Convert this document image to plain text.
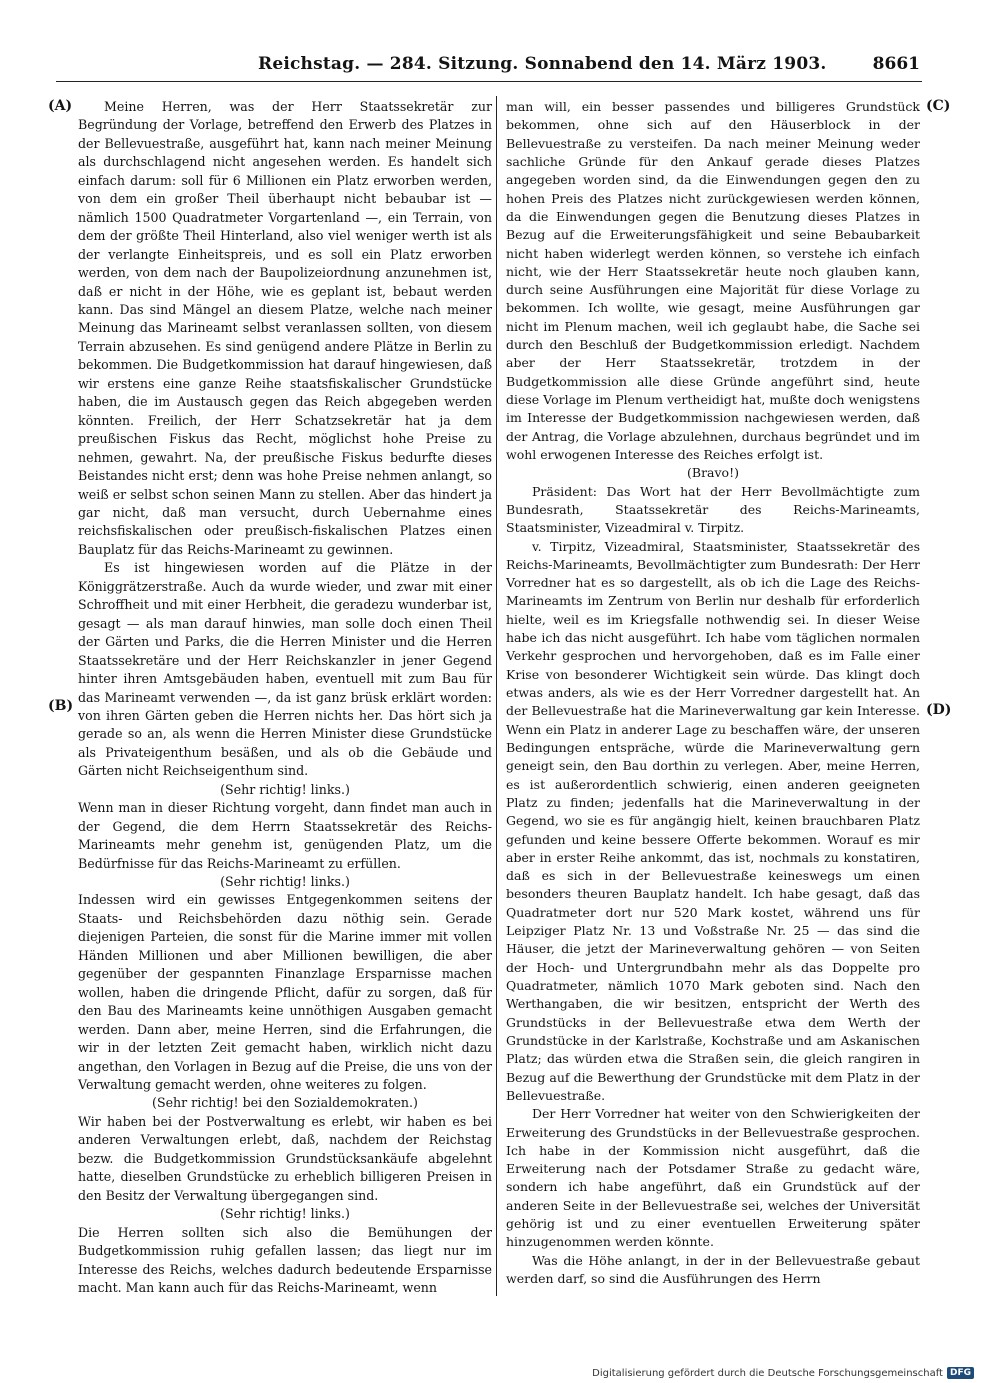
Reichstag. — 284. Sitzung. Sonnabend den 14. März 1903.	8661
(A)
(B)
(C)
(D)

Meine Herren, was der Herr Staatssekretär zur Begründung der Vorlage, betreffend den Erwerb des Platzes in der Bellevuestraße, ausgeführt hat, kann nach meiner Meinung als durchschlagend nicht angesehen werden. Es handelt sich einfach darum: soll für 6 Millionen ein Platz erworben werden, von dem ein großer Theil überhaupt nicht bebaubar ist — nämlich 1500 Quadratmeter Vorgartenland —, ein Terrain, von dem der größte Theil Hinterland, also viel weniger werth ist als der verlangte Einheitspreis, und es soll ein Platz erworben werden, von dem nach der Baupolizeiordnung anzunehmen ist, daß er nicht in der Höhe, wie es geplant ist, bebaut werden kann. Das sind Mängel an diesem Platze, welche nach meiner Meinung das Marineamt selbst veranlassen sollten, von diesem Terrain abzusehen. Es sind genügend andere Plätze in Berlin zu bekommen. Die Budgetkommission hat darauf hingewiesen, daß wir erstens eine ganze Reihe staatsfiskalischer Grundstücke haben, die im Austausch gegen das Reich abgegeben werden könnten. Freilich, der Herr Schatzsekretär hat ja dem preußischen Fiskus das Recht, möglichst hohe Preise zu nehmen, gewahrt. Na, der preußische Fiskus bedurfte dieses Beistandes nicht erst; denn was hohe Preise nehmen anlangt, so weiß er selbst schon seinen Mann zu stellen. Aber das hindert ja gar nicht, daß man versucht, durch Uebernahme eines reichsfiskalischen oder preußisch-fiskalischen Platzes einen Bauplatz für das Reichs-Marineamt zu gewinnen.

Es ist hingewiesen worden auf die Plätze in der Königgrätzerstraße. Auch da wurde wieder, und zwar mit einer Schroffheit und mit einer Herbheit, die geradezu wunderbar ist, gesagt — als man darauf hinwies, man solle doch einen Theil der Gärten und Parks, die die Herren Minister und die Herren Staatssekretäre und der Herr Reichskanzler in jener Gegend hinter ihren Amtsgebäuden haben, eventuell mit zum Bau für das Marineamt verwenden —, da ist ganz brüsk erklärt worden: von ihren Gärten geben die Herren nichts her. Das hört sich ja gerade so an, als wenn die Herren Minister diese Grundstücke als Privateigenthum besäßen, und als ob die Gebäude und Gärten nicht Reichseigenthum sind.

(Sehr richtig! links.)

Wenn man in dieser Richtung vorgeht, dann findet man auch in der Gegend, die dem Herrn Staatssekretär des Reichs-Marineamts mehr genehm ist, genügenden Platz, um die Bedürfnisse für das Reichs-Marineamt zu erfüllen.

(Sehr richtig! links.)

Indessen wird ein gewisses Entgegenkommen seitens der Staats- und Reichsbehörden dazu nöthig sein. Gerade diejenigen Parteien, die sonst für die Marine immer mit vollen Händen Millionen und aber Millionen bewilligen, die aber gegenüber der gespannten Finanzlage Ersparnisse machen wollen, haben die dringende Pflicht, dafür zu sorgen, daß für den Bau des Marineamts keine unnöthigen Ausgaben gemacht werden. Dann aber, meine Herren, sind die Erfahrungen, die wir in der letzten Zeit gemacht haben, wirklich nicht dazu angethan, den Vorlagen in Bezug auf die Preise, die uns von der Verwaltung gemacht werden, ohne weiteres zu folgen.

(Sehr richtig! bei den Sozialdemokraten.)

Wir haben bei der Postverwaltung es erlebt, wir haben es bei anderen Verwaltungen erlebt, daß, nachdem der Reichstag bezw. die Budgetkommission Grundstücksankäufe abgelehnt hatte, dieselben Grundstücke zu erheblich billigeren Preisen in den Besitz der Verwaltung übergegangen sind.

(Sehr richtig! links.)

Die Herren sollten sich also die Bemühungen der Budgetkommission ruhig gefallen lassen; das liegt nur im Interesse des Reichs, welches dadurch bedeutende Ersparnisse macht. Man kann auch für das Reichs-Marineamt, wenn

man will, ein besser passendes und billigeres Grundstück bekommen, ohne sich auf den Häuserblock in der Bellevuestraße zu versteifen. Da nach meiner Meinung weder sachliche Gründe für den Ankauf gerade dieses Platzes angegeben worden sind, da die Einwendungen gegen den zu hohen Preis des Platzes nicht zurückgewiesen werden können, da die Einwendungen gegen die Benutzung dieses Platzes in Bezug auf die Erweiterungsfähigkeit und seine Bebaubarkeit nicht haben widerlegt werden können, so verstehe ich einfach nicht, wie der Herr Staatssekretär heute noch glauben kann, durch seine Ausführungen eine Majorität für diese Vorlage zu bekommen. Ich wollte, wie gesagt, meine Ausführungen gar nicht im Plenum machen, weil ich geglaubt habe, die Sache sei durch den Beschluß der Budgetkommission erledigt. Nachdem aber der Herr Staatssekretär, trotzdem in der Budgetkommission alle diese Gründe angeführt sind, heute diese Vorlage im Plenum vertheidigt hat, mußte doch wenigstens im Interesse der Budgetkommission nachgewiesen werden, daß der Antrag, die Vorlage abzulehnen, durchaus begründet und im wohl erwogenen Interesse des Reiches erfolgt ist.

(Bravo!)

Präsident: Das Wort hat der Herr Bevollmächtigte zum Bundesrath, Staatssekretär des Reichs-Marineamts, Staatsminister, Vizeadmiral v. Tirpitz.

v. Tirpitz, Vizeadmiral, Staatsminister, Staatssekretär des Reichs-Marineamts, Bevollmächtigter zum Bundesrath: Der Herr Vorredner hat es so dargestellt, als ob ich die Lage des Reichs-Marineamts im Zentrum von Berlin nur deshalb für erforderlich hielte, weil es im Kriegsfalle nothwendig sei. In dieser Weise habe ich das nicht ausgeführt. Ich habe vom täglichen normalen Verkehr gesprochen und hervorgehoben, daß es im Falle einer Krise von besonderer Wichtigkeit sein würde. Das klingt doch etwas anders, als wie es der Herr Vorredner dargestellt hat. An der Bellevuestraße hat die Marineverwaltung gar kein Interesse. Wenn ein Platz in anderer Lage zu beschaffen wäre, der unseren Bedingungen entspräche, würde die Marineverwaltung gern geneigt sein, den Bau dorthin zu verlegen. Aber, meine Herren, es ist außerordentlich schwierig, einen anderen geeigneten Platz zu finden; jedenfalls hat die Marineverwaltung in der Gegend, wo sie es für angängig hielt, keinen brauchbaren Platz gefunden und keine bessere Offerte bekommen. Worauf es mir aber in erster Reihe ankommt, das ist, nochmals zu konstatiren, daß es sich in der Bellevuestraße keineswegs um einen besonders theuren Bauplatz handelt. Ich habe gesagt, daß das Quadratmeter dort nur 520 Mark kostet, während uns für Leipziger Platz Nr. 13 und Voßstraße Nr. 25 — das sind die Häuser, die jetzt der Marineverwaltung gehören — von Seiten der Hoch- und Untergrundbahn mehr als das Doppelte pro Quadratmeter, nämlich 1070 Mark geboten sind. Nach den Werthangaben, die wir besitzen, entspricht der Werth des Grundstücks in der Bellevuestraße etwa dem Werth der Grundstücke in der Karlstraße, Kochstraße und am Askanischen Platz; das würden etwa die Straßen sein, die gleich rangiren in Bezug auf die Bewerthung der Grundstücke mit dem Platz in der Bellevuestraße.

Der Herr Vorredner hat weiter von den Schwierigkeiten der Erweiterung des Grundstücks in der Bellevuestraße gesprochen. Ich habe in der Kommission nicht ausgeführt, daß die Erweiterung nach der Potsdamer Straße zu gedacht wäre, sondern ich habe angeführt, daß ein Grundstück auf der anderen Seite in der Bellevuestraße sei, welches der Universität gehörig ist und zu einer eventuellen Erweiterung später hinzugenommen werden könnte.

Was die Höhe anlangt, in der in der Bellevuestraße gebaut werden darf, so sind die Ausführungen des Herrn

Digitalisierung gefördert durch die Deutsche Forschungsgemeinschaft DFG
